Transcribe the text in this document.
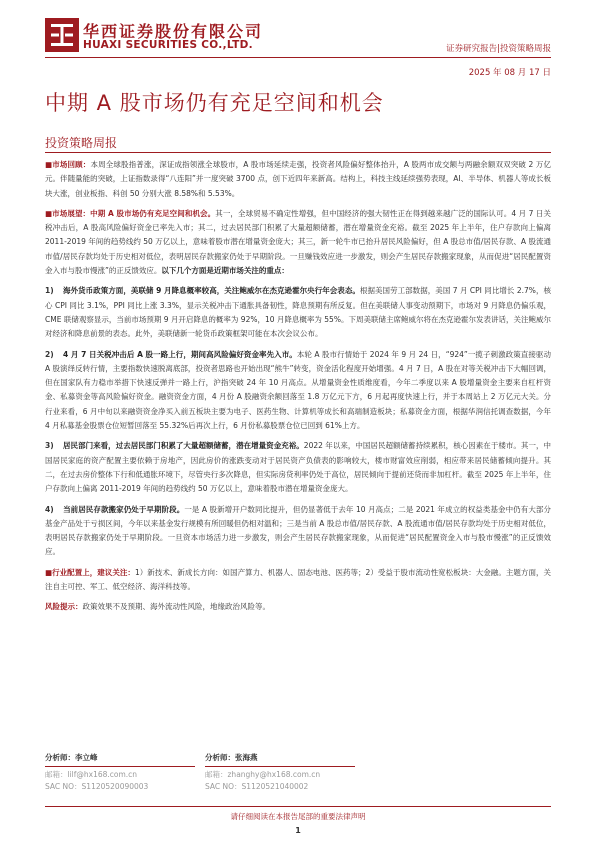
华西证券股份有限公司
HUAXI SECURITIES CO.,LTD.	证券研究报告|投资策略周报
2025 年 08 月 17 日
中期 A 股市场仍有充足空间和机会
投资策略周报

■市场回顾：本周全球股指普涨，深证成指领涨全球股市，A 股市场延续走强，投资者风险偏好整体抬升，A 股两市成交额与两融余额双双突破 2 万亿元。伴随量能的突破，上证指数录得“八连阳”并一度突破 3700 点，创下近四年来新高。结构上，科技主线延续强势表现，AI、半导体、机器人等成长板块大涨，创业板指、科创 50 分别大涨 8.58%和 5.53%。

■市场展望：中期 A 股市场仍有充足空间和机会。其一，全球贸易不确定性增强，但中国经济的强大韧性正在得到越来越广泛的国际认可。4 月 7 日关税冲击后，A 股高风险偏好资金已率先入市；其二，过去居民部门积累了大量超额储蓄，潜在增量资金充裕。截至 2025 年上半年，住户存款向上偏离 2011-2019 年间的趋势线约 50 万亿以上，意味着股市潜在增量资金庞大；其三，新一轮牛市已抬升居民风险偏好，但 A 股总市值/居民存款、A 股流通市值/居民存款均处于历史相对低位，表明居民存款搬家仍处于早期阶段。一旦赚钱效应进一步激发，则会产生居民存款搬家现象，从而促进“居民配置资金入市与股市慢涨”的正反馈效应。以下几个方面是近期市场关注的重点：

1) 海外货币政策方面，美联储 9 月降息概率较高，关注鲍威尔在杰克逊霍尔央行年会表态。根据美国劳工部数据，美国 7 月 CPI 同比增长 2.7%，核心 CPI 同比 3.1%，PPI 同比上涨 3.3%，显示关税冲击下通胀具备韧性，降息预期有所反复。但在美联储人事变动预期下，市场对 9 月降息仍偏乐观，CME 联储观察显示，当前市场预期 9 月开启降息的概率为 92%，10 月降息概率为 55%。下周美联储主席鲍威尔将在杰克逊霍尔发表讲话，关注鲍威尔对经济和降息前景的表态。此外，美联储新一轮货币政策框架可能在本次会议公布。

2) 4 月 7 日关税冲击后 A 股一路上行，期间高风险偏好资金率先入市。本轮 A 股市行情始于 2024 年 9 月 24 日，“924”一揽子刺激政策直接驱动 A 股演绎反转行情，主要指数快速脱离底部，投资者思路也开始出现“熊牛”转变，资金活化程度开始增强。4 月 7 日，A 股在对等关税冲击下大幅回调，但在国家队有力稳市举措下快速反弹并一路上行，沪指突破 24 年 10 月高点。从增量资金性质维度看，今年二季度以来 A 股增量资金主要来自杠杆资金、私募资金等高风险偏好资金。融资资金方面，4 月份 A 股融资余额回落至 1.8 万亿元下方，6 月起再度快速上行，并于本周站上 2 万亿元大关。分行业来看，6 月中旬以来融资资金净买入前五板块主要为电子、医药生物、计算机等成长和高端制造板块；私募资金方面，根据华润信托调查数据，今年 4 月私募基金股票仓位短暂回落至 55.32%后再次上行，6 月份私募股票仓位已回到 61%上方。

3) 居民部门来看，过去居民部门积累了大量超额储蓄，潜在增量资金充裕。2022 年以来，中国居民超额储蓄持续累积，核心因素在于楼市。其一，中国居民家庭的资产配置主要依赖于房地产，因此房价的涨跌变动对于居民资产负债表的影响较大，楼市财富效应削弱，相应带来居民储蓄倾向提升。其二，在过去房价整体下行和低通胀环境下，尽管央行多次降息，但实际房贷利率仍处于高位，居民倾向于提前还贷而非加杠杆。截至 2025 年上半年，住户存款向上偏离 2011-2019 年间的趋势线约 50 万亿以上，意味着股市潜在增量资金庞大。

4) 当前居民存款搬家仍处于早期阶段。一是 A 股新增开户数同比提升，但仍显著低于去年 10 月高点；二是 2021 年成立的权益类基金中仍有大部分基金产品处于亏损区间，今年以来基金发行规模有所回暖但仍相对温和；三是当前 A 股总市值/居民存款、A 股流通市值/居民存款均处于历史相对低位，表明居民存款搬家仍处于早期阶段。一旦资本市场活力进一步激发，则会产生居民存款搬家现象，从而促进“居民配置资金入市与股市慢涨”的正反馈效应。

■行业配置上，建议关注：1）新技术、新成长方向：如国产算力、机器人、固态电池、医药等；2）受益于股市流动性宽松板块：大金融。主题方面，关注自主可控、军工、低空经济、海洋科技等。

风险提示：政策效果不及预期、海外流动性风险，地缘政治风险等。

分析师：李立峰
邮箱：lilf@hx168.com.cn
SAC NO：S1120520090003
分析师：张海燕
邮箱：zhanghy@hx168.com.cn
SAC NO：S1120521040002
请仔细阅读在本报告尾部的重要法律声明
1
